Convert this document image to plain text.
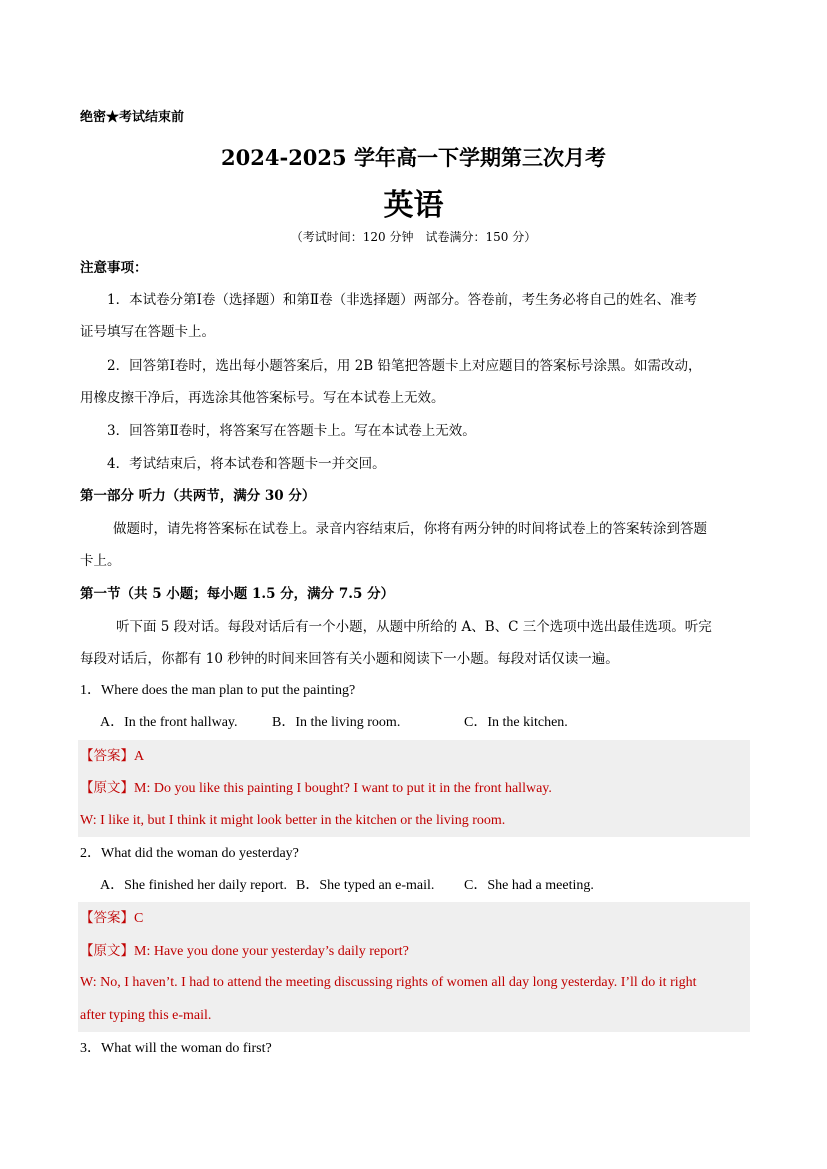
绝密★考试结束前
2024-2025 学年高一下学期第三次月考
英语
（考试时间：120 分钟　试卷满分：150 分）
注意事项：
1．本试卷分第Ⅰ卷（选择题）和第Ⅱ卷（非选择题）两部分。答卷前，考生务必将自己的姓名、准考
证号填写在答题卡上。
2．回答第Ⅰ卷时，选出每小题答案后，用 2B 铅笔把答题卡上对应题目的答案标号涂黑。如需改动，
用橡皮擦干净后，再选涂其他答案标号。写在本试卷上无效。
3．回答第Ⅱ卷时，将答案写在答题卡上。写在本试卷上无效。
4．考试结束后，将本试卷和答题卡一并交回。
第一部分 听力（共两节，满分 30 分）
做题时，请先将答案标在试卷上。录音内容结束后，你将有两分钟的时间将试卷上的答案转涂到答题
卡上。
第一节（共 5 小题；每小题 1.5 分，满分 7.5 分）
听下面 5 段对话。每段对话后有一个小题，从题中所给的 A、B、C 三个选项中选出最佳选项。听完
每段对话后，你都有 10 秒钟的时间来回答有关小题和阅读下一小题。每段对话仅读一遍。
1．Where does the man plan to put the painting?
A．In the front hallway. B．In the living room.	C．In the kitchen.
【答案】A
【原文】M: Do you like this painting I bought? I want to put it in the front hallway.
W: I like it, but I think it might look better in the kitchen or the living room.
2．What did the woman do yesterday?
A．She finished her daily report. B．She typed an e-mail. C．She had a meeting.
【答案】C
【原文】M: Have you done your yesterday’s daily report?
W: No, I haven’t. I had to attend the meeting discussing rights of women all day long yesterday. I’ll do it right
after typing this e-mail.
3．What will the woman do first?
